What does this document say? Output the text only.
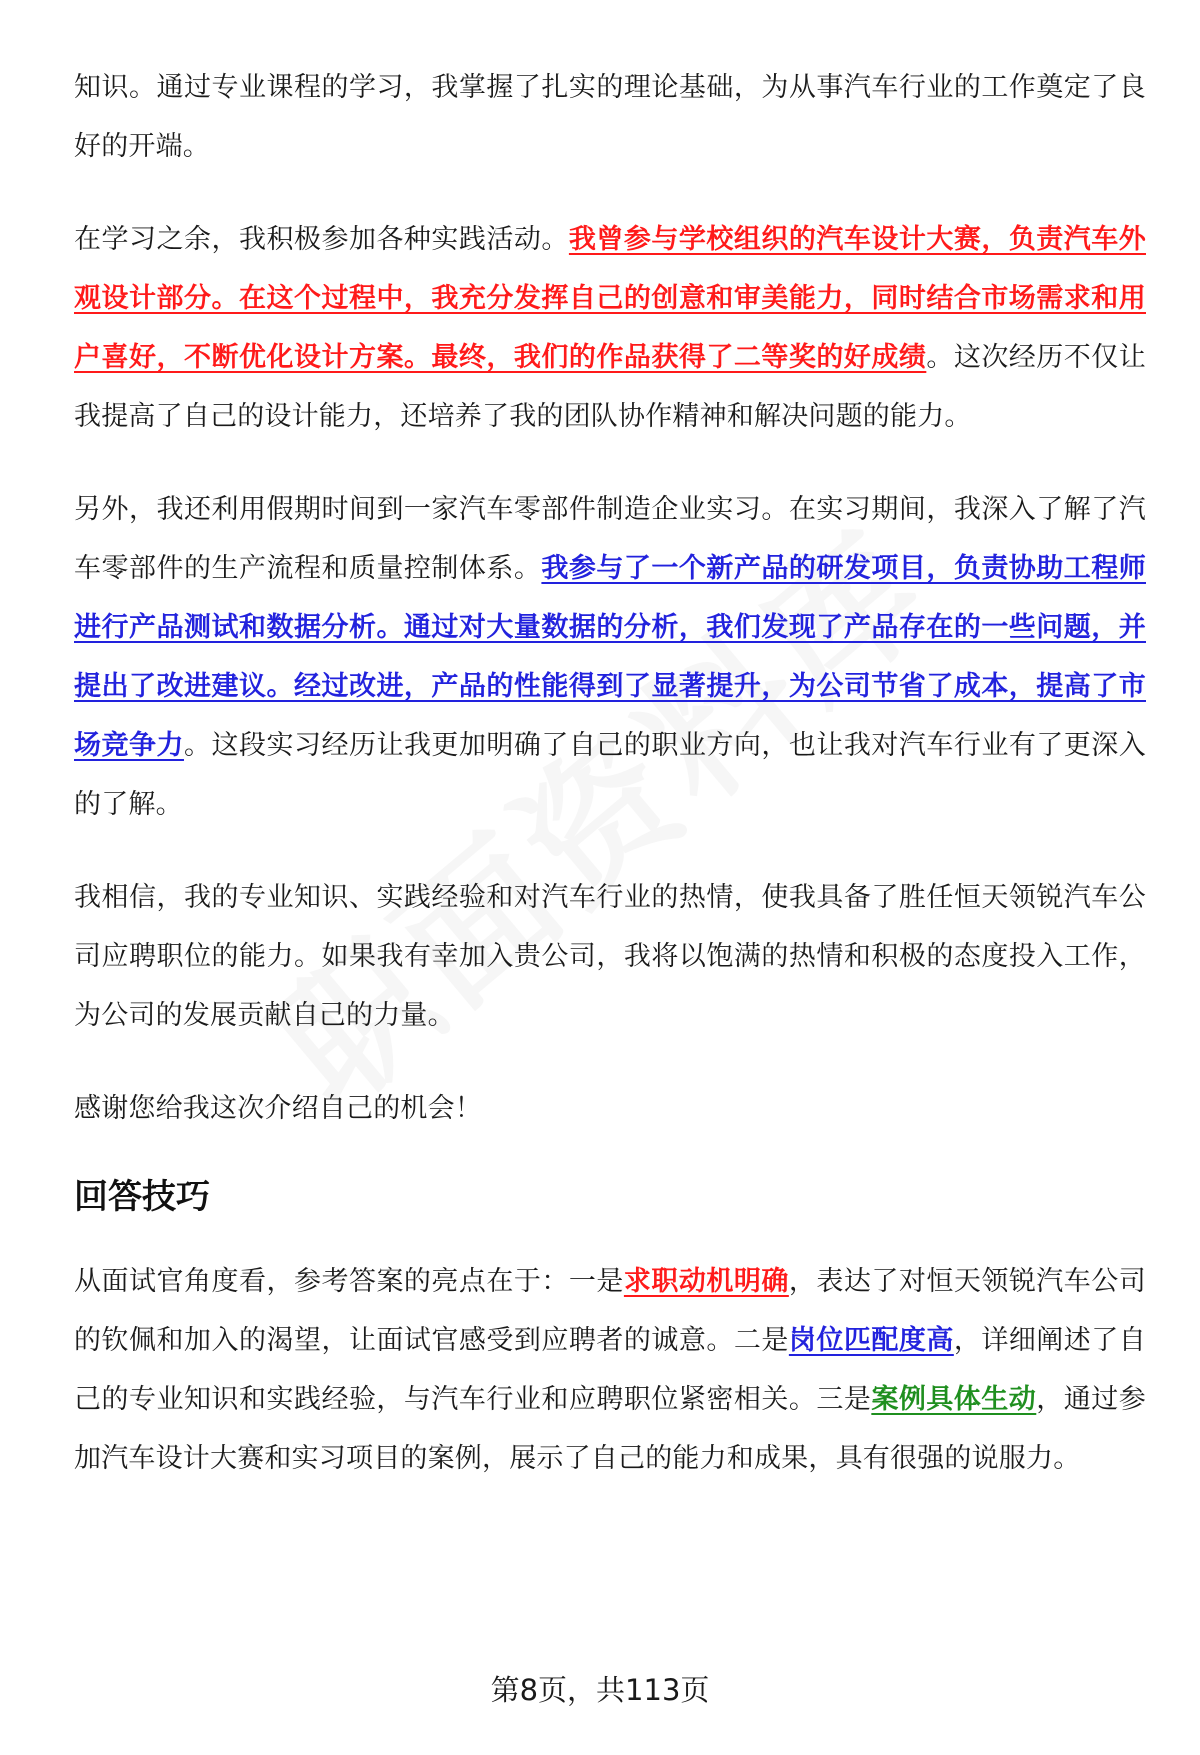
知识。通过专业课程的学习，我掌握了扎实的理论基础，为从事汽车行业的工作奠定了良好的开端。

在学习之余，我积极参加各种实践活动。我曾参与学校组织的汽车设计大赛，负责汽车外观设计部分。在这个过程中，我充分发挥自己的创意和审美能力，同时结合市场需求和用户喜好，不断优化设计方案。最终，我们的作品获得了二等奖的好成绩。这次经历不仅让我提高了自己的设计能力，还培养了我的团队协作精神和解决问题的能力。

另外，我还利用假期时间到一家汽车零部件制造企业实习。在实习期间，我深入了解了汽车零部件的生产流程和质量控制体系。我参与了一个新产品的研发项目，负责协助工程师进行产品测试和数据分析。通过对大量数据的分析，我们发现了产品存在的一些问题，并提出了改进建议。经过改进，产品的性能得到了显著提升，为公司节省了成本，提高了市场竞争力。这段实习经历让我更加明确了自己的职业方向，也让我对汽车行业有了更深入的了解。

我相信，我的专业知识、实践经验和对汽车行业的热情，使我具备了胜任恒天领锐汽车公司应聘职位的能力。如果我有幸加入贵公司，我将以饱满的热情和积极的态度投入工作，为公司的发展贡献自己的力量。

感谢您给我这次介绍自己的机会！

回答技巧

从面试官角度看，参考答案的亮点在于：一是求职动机明确，表达了对恒天领锐汽车公司的钦佩和加入的渴望，让面试官感受到应聘者的诚意。二是岗位匹配度高，详细阐述了自己的专业知识和实践经验，与汽车行业和应聘职位紧密相关。三是案例具体生动，通过参加汽车设计大赛和实习项目的案例，展示了自己的能力和成果，具有很强的说服力。

第8页，共113页
